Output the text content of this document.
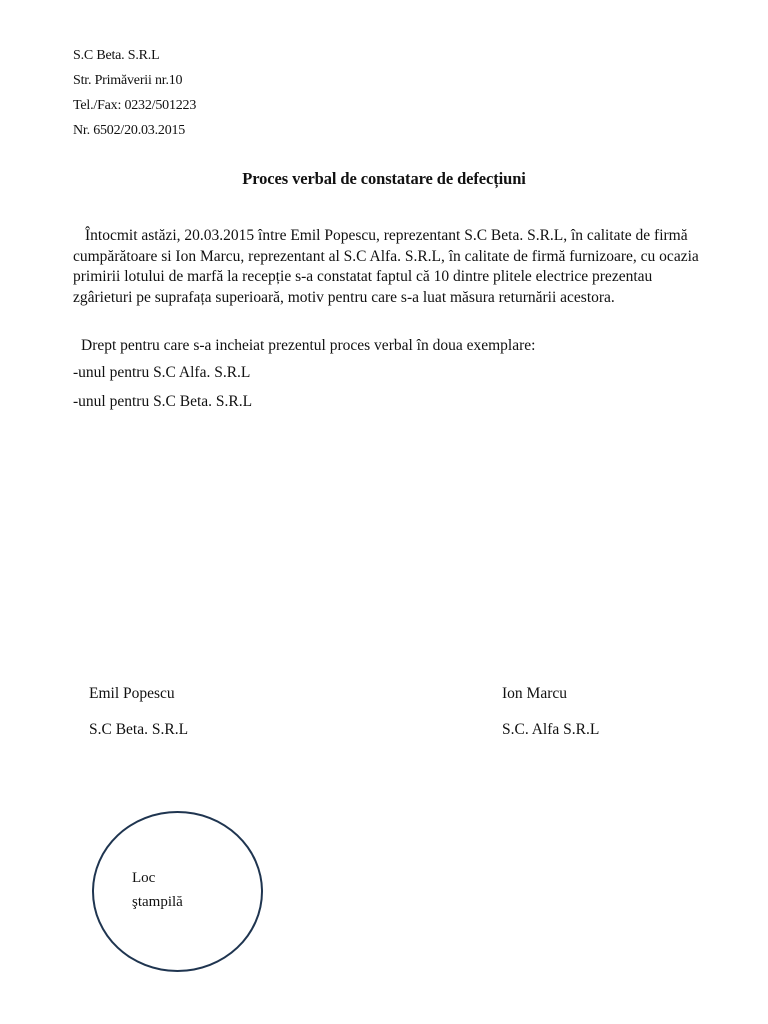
S.C Beta. S.R.L
Str. Primăverii nr.10
Tel./Fax: 0232/501223
Nr. 6502/20.03.2015
Proces verbal de constatare de defecțiuni
Întocmit astăzi, 20.03.2015 între Emil Popescu, reprezentant S.C Beta. S.R.L, în calitate de firmă cumpărătoare si Ion Marcu, reprezentant al S.C Alfa. S.R.L, în calitate de firmă furnizoare, cu ocazia primirii lotului de marfă la recepție s-a constatat faptul că 10 dintre plitele electrice prezentau zgârieturi pe suprafața superioară, motiv pentru care s-a luat măsura returnării acestora.
Drept pentru care s-a incheiat prezentul proces verbal în doua exemplare:
-unul pentru S.C Alfa. S.R.L
-unul pentru S.C Beta. S.R.L
Emil Popescu
S.C Beta. S.R.L
Ion Marcu
S.C. Alfa S.R.L
Loc
ştampilă
